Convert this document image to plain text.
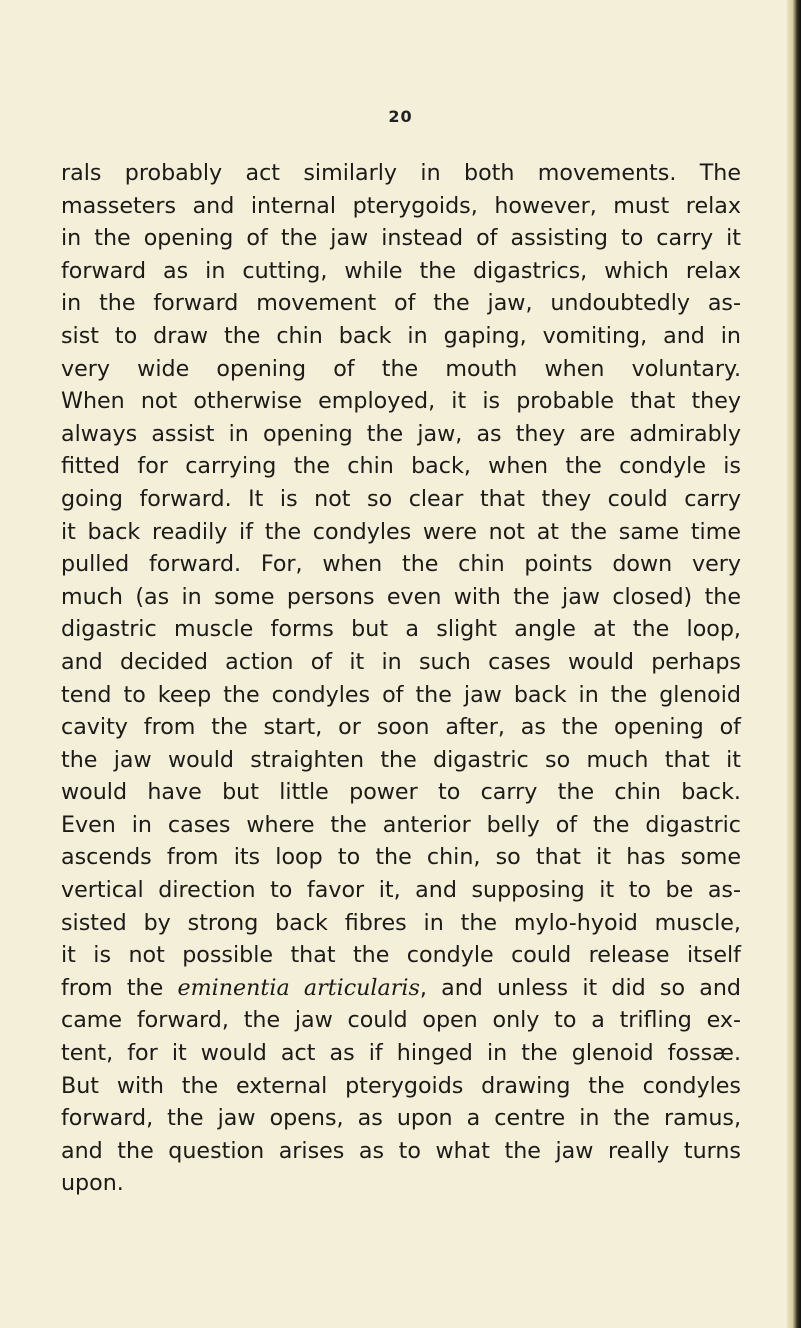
20
rals probably act similarly in both movements. The
masseters and internal pterygoids, however, must relax
in the opening of the jaw instead of assisting to carry it
forward as in cutting, while the digastrics, which relax
in the forward movement of the jaw, undoubtedly as-
sist to draw the chin back in gaping, vomiting, and in
very wide opening of the mouth when voluntary.
When not otherwise employed, it is probable that they
always assist in opening the jaw, as they are admirably
fitted for carrying the chin back, when the condyle is
going forward. It is not so clear that they could carry
it back readily if the condyles were not at the same time
pulled forward. For, when the chin points down very
much (as in some persons even with the jaw closed) the
digastric muscle forms but a slight angle at the loop,
and decided action of it in such cases would perhaps
tend to keep the condyles of the jaw back in the glenoid
cavity from the start, or soon after, as the opening of
the jaw would straighten the digastric so much that it
would have but little power to carry the chin back.
Even in cases where the anterior belly of the digastric
ascends from its loop to the chin, so that it has some
vertical direction to favor it, and supposing it to be as-
sisted by strong back fibres in the mylo-hyoid muscle,
it is not possible that the condyle could release itself
from the eminentia articularis, and unless it did so and
came forward, the jaw could open only to a trifling ex-
tent, for it would act as if hinged in the glenoid fossæ.
But with the external pterygoids drawing the condyles
forward, the jaw opens, as upon a centre in the ramus,
and the question arises as to what the jaw really turns
upon.
